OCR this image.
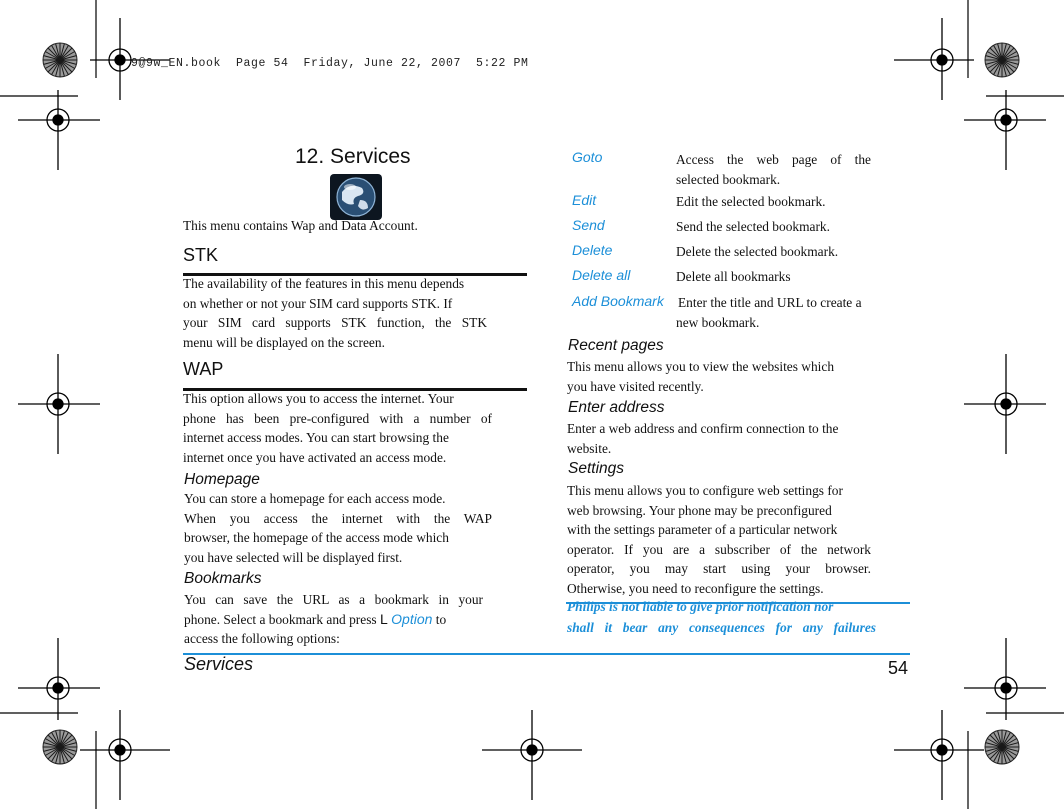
9@9w_EN.book  Page 54  Friday, June 22, 2007  5:22 PM
12. Services
This menu contains Wap and Data Account.
STK
The availability of the features in this menu depends
on whether or not your SIM card supports STK. If
your SIM card supports STK function, the STK
menu will be displayed on the screen.
WAP
This option allows you to access the internet. Your
phone has been pre-configured with a number of
internet access modes. You can start browsing the
internet once you have activated an access mode.
Homepage
You can store a homepage for each access mode.
When you access the internet with the WAP
browser, the homepage of the access mode which
you have selected will be displayed first.
Bookmarks
You can save the URL as a bookmark in your
phone. Select a bookmark and press L Option to
access the following options:
Goto	Access the web page of the
selected bookmark.
Edit	Edit the selected bookmark.
Send	Send the selected bookmark.
Delete	Delete the selected bookmark.
Delete all	Delete all bookmarks
Add Bookmark Enter the title and URL to create a
new bookmark.
Recent pages
This menu allows you to view the websites which
you have visited recently.
Enter address
Enter a web address and confirm connection to the
website.
Settings
This menu allows you to configure web settings for
web browsing. Your phone may be preconfigured
with the settings parameter of a particular network
operator. If you are a subscriber of the network
operator, you may start using your browser.
Otherwise, you need to reconfigure the settings.
Philips is not liable to give prior notification nor
shall it bear any consequences for any failures
Services	54
